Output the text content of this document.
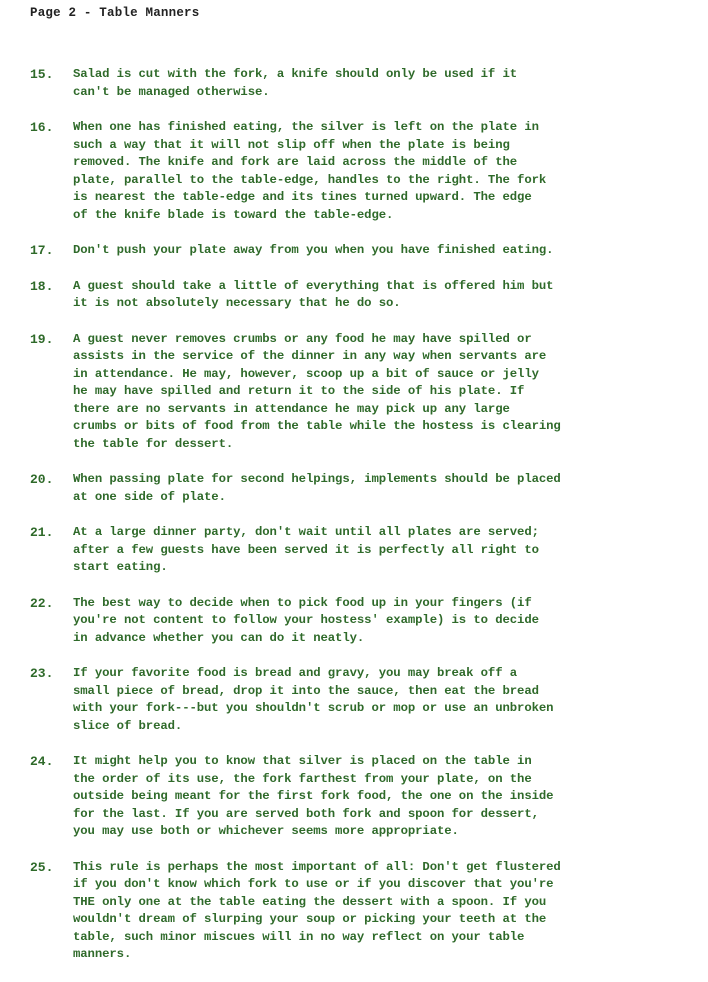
Page 2 - Table Manners
15.	Salad is cut with the fork, a knife should only be used if it
can't be managed otherwise.
16.	When one has finished eating, the silver is left on the plate in
such a way that it will not slip off when the plate is being
removed. The knife and fork are laid across the middle of the
plate, parallel to the table-edge, handles to the right. The fork
is nearest the table-edge and its tines turned upward. The edge
of the knife blade is toward the table-edge.
17.	Don't push your plate away from you when you have finished eating.
18.	A guest should take a little of everything that is offered him but
it is not absolutely necessary that he do so.
19.	A guest never removes crumbs or any food he may have spilled or
assists in the service of the dinner in any way when servants are
in attendance. He may, however, scoop up a bit of sauce or jelly
he may have spilled and return it to the side of his plate. If
there are no servants in attendance he may pick up any large
crumbs or bits of food from the table while the hostess is clearing
the table for dessert.
20.	When passing plate for second helpings, implements should be placed
at one side of plate.
21.	At a large dinner party, don't wait until all plates are served;
after a few guests have been served it is perfectly all right to
start eating.
22.	The best way to decide when to pick food up in your fingers (if
you're not content to follow your hostess' example) is to decide
in advance whether you can do it neatly.
23.	If your favorite food is bread and gravy, you may break off a
small piece of bread, drop it into the sauce, then eat the bread
with your fork---but you shouldn't scrub or mop or use an unbroken
slice of bread.
24.	It might help you to know that silver is placed on the table in
the order of its use, the fork farthest from your plate, on the
outside being meant for the first fork food, the one on the inside
for the last. If you are served both fork and spoon for dessert,
you may use both or whichever seems more appropriate.
25.	This rule is perhaps the most important of all: Don't get flustered
if you don't know which fork to use or if you discover that you're
THE only one at the table eating the dessert with a spoon. If you
wouldn't dream of slurping your soup or picking your teeth at the
table, such minor miscues will in no way reflect on your table
manners.
